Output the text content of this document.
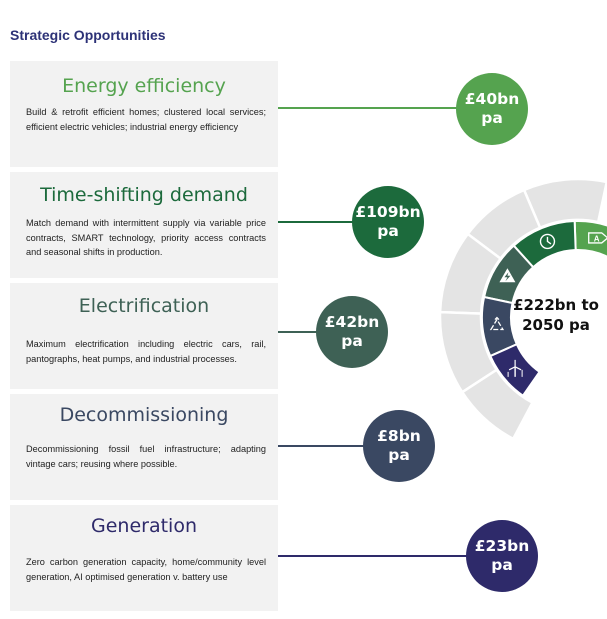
Strategic Opportunities
Energy efficiency
Build & retrofit efficient homes; clustered local services; efficient electric vehicles; industrial energy efficiency
£40bn
pa
Time-shifting demand
Match demand with intermittent supply via variable price contracts, SMART technology, priority access contracts and seasonal shifts in production.
£109bn
pa
Electrification
Maximum electrification including electric cars, rail, pantographs, heat pumps, and industrial processes.
£42bn
pa
Decommissioning
Decommissioning fossil fuel infrastructure; adapting vintage cars; reusing where possible.
£8bn
pa
Generation
Zero carbon generation capacity, home/community level generation, AI optimised generation v. battery use
£23bn
pa
A
£222bn to
2050 pa
